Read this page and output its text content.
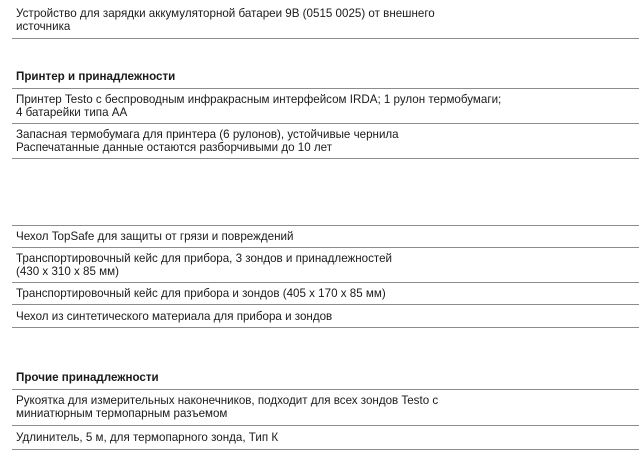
Устройство для зарядки аккумуляторной батареи 9В (0515 0025) от внешнего
источника
Принтер и принадлежности
Принтер Testo с беспроводным инфракрасным интерфейсом IRDA; 1 рулон термобумаги;
4 батарейки типа АА
Запасная термобумага для принтера (6 рулонов), устойчивые чернила
Распечатанные данные остаются разборчивыми до 10 лет
Чехол TopSafe для защиты от грязи и повреждений
Транспортировочный кейс для прибора, 3 зондов и принадлежностей
(430 х 310 х 85 мм)
Транспортировочный кейс для прибора и зондов (405 х 170 х 85 мм)
Чехол из синтетического материала для прибора и зондов
Прочие принадлежности
Рукоятка для измерительных наконечников, подходит для всех зондов Testo с
миниатюрным термопарным разъемом
Удлинитель, 5 м, для термопарного зонда, Тип К
